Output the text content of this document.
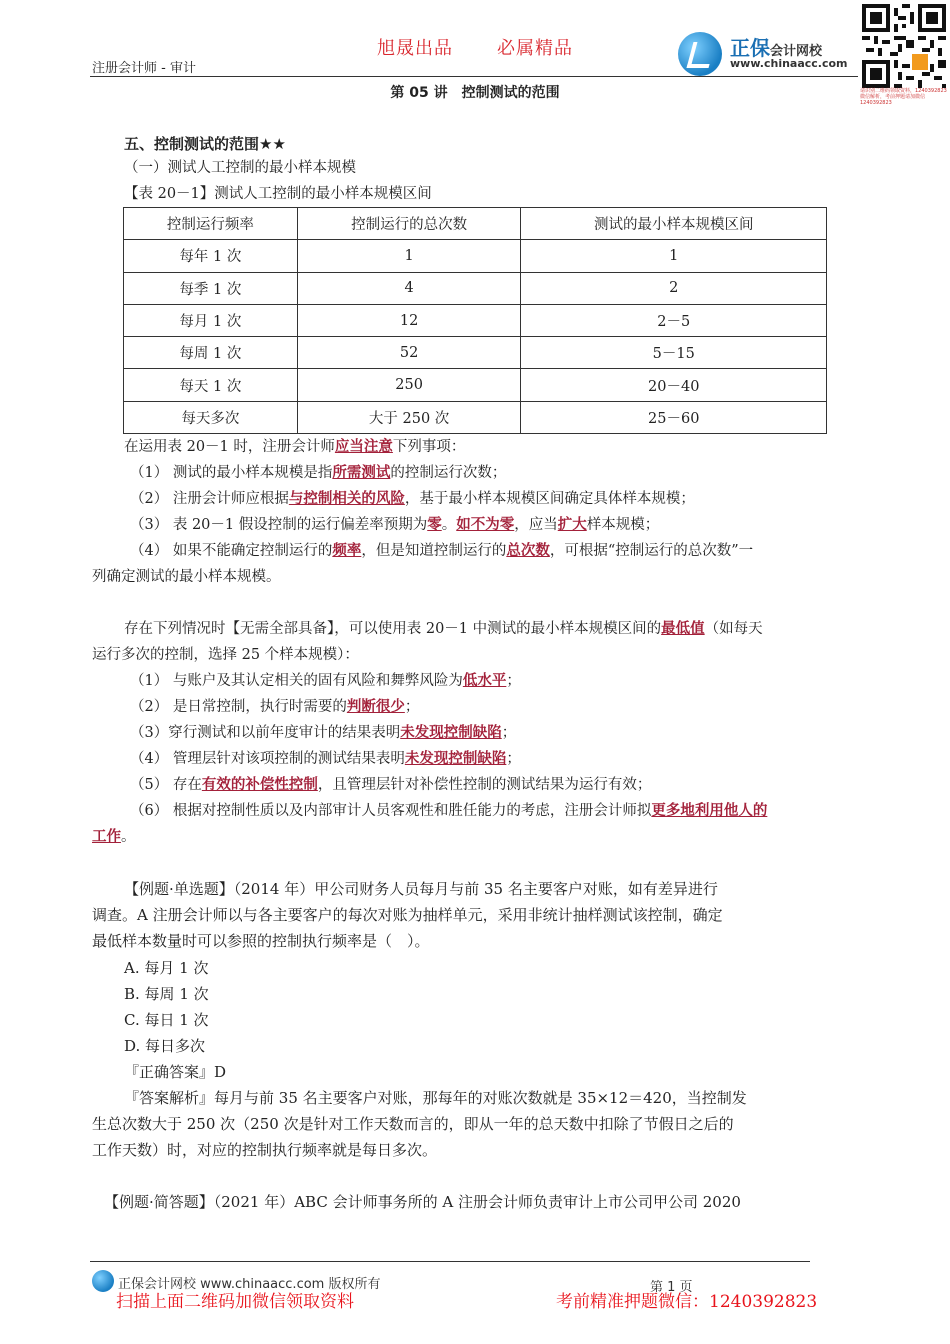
旭晟出品 必属精品
注册会计师 - 审计
正保会计网校
www.chinaacc.com
请识别二维码领取资料，1240392823 微信解析，考前押题请加微信 1240392823
第 05 讲　控制测试的范围
五、控制测试的范围★★
（一）测试人工控制的最小样本规模
【表 20－1】测试人工控制的最小样本规模区间
控制运行频率	控制运行的总次数	测试的最小样本规模区间
每年 1 次	1	1
每季 1 次	4	2
每月 1 次	12	2－5
每周 1 次	52	5－15
每天 1 次	250	20－40
每天多次	大于 250 次	25－60
在运用表 20－1 时，注册会计师应当注意下列事项：
（1） 测试的最小样本规模是指所需测试的控制运行次数；
（2） 注册会计师应根据与控制相关的风险，基于最小样本规模区间确定具体样本规模；
（3） 表 20－1 假设控制的运行偏差率预期为零。如不为零，应当扩大样本规模；
（4） 如果不能确定控制运行的频率，但是知道控制运行的总次数，可根据“控制运行的总次数”一
列确定测试的最小样本规模。
存在下列情况时【无需全部具备】，可以使用表 20－1 中测试的最小样本规模区间的最低值（如每天
运行多次的控制，选择 25 个样本规模）：
（1） 与账户及其认定相关的固有风险和舞弊风险为低水平；
（2） 是日常控制，执行时需要的判断很少；
（3）穿行测试和以前年度审计的结果表明未发现控制缺陷；
（4） 管理层针对该项控制的测试结果表明未发现控制缺陷；
（5） 存在有效的补偿性控制，且管理层针对补偿性控制的测试结果为运行有效；
（6） 根据对控制性质以及内部审计人员客观性和胜任能力的考虑，注册会计师拟更多地利用他人的
工作。
【例题·单选题】（2014 年）甲公司财务人员每月与前 35 名主要客户对账，如有差异进行
调查。A 注册会计师以与各主要客户的每次对账为抽样单元，采用非统计抽样测试该控制，确定
最低样本数量时可以参照的控制执行频率是（　）。
A. 每月 1 次
B. 每周 1 次
C. 每日 1 次
D. 每日多次
『正确答案』D
『答案解析』每月与前 35 名主要客户对账，那每年的对账次数就是 35×12＝420，当控制发
生总次数大于 250 次（250 次是针对工作天数而言的，即从一年的总天数中扣除了节假日之后的
工作天数）时，对应的控制执行频率就是每日多次。
【例题·简答题】（2021 年）ABC 会计师事务所的 A 注册会计师负责审计上市公司甲公司 2020
正保会计网校 www.chinaacc.com 版权所有	第 1 页
扫描上面二维码加微信领取资料	考前精准押题微信：1240392823
